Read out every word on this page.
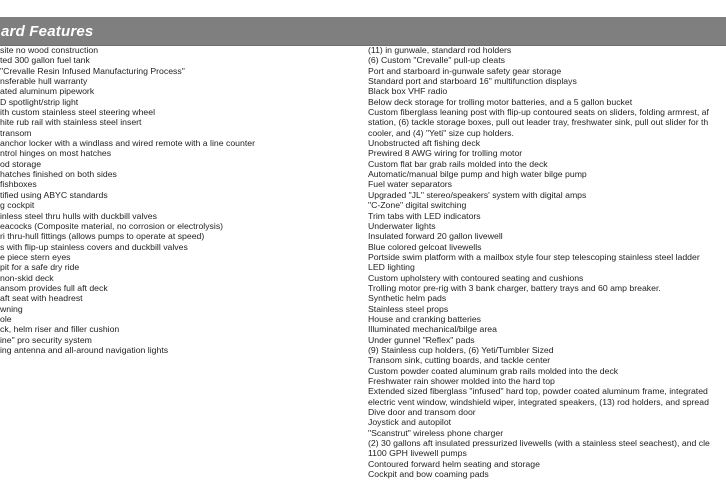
ard Features
site no wood construction
ted 300 gallon fuel tank
"Crevalle Resin Infused Manufacturing Process"
nsferable hull warranty
ated aluminum pipework
D spotlight/strip light
ith custom stainless steel steering wheel
hite rub rail with stainless steel insert
transom
anchor locker with a windlass and wired remote with a line counter
ntrol hinges on most hatches
od storage
hatches finished on both sides
fishboxes
tified using ABYC standards
g cockpit
inless steel thru hulls with duckbill valves
eacocks (Composite material, no corrosion or electrolysis)
ri thru-hull fittings (allows pumps to operate at speed)
s with flip-up stainless covers and duckbill valves
e piece stern eyes
pit for a safe dry ride
non-skid deck
ansom provides full aft deck
aft seat with headrest
wning
ole
ck, helm riser and filler cushion
ine" pro security system
ing antenna and all-around navigation lights
(11) in gunwale, standard rod holders
(6) Custom "Crevalle" pull-up cleats
Port and starboard in-gunwale safety gear storage
Standard port and starboard 16" multifunction displays
Black box VHF radio
Below deck storage for trolling motor batteries, and a 5 gallon bucket
Custom fiberglass leaning post with flip-up contoured seats on sliders, folding armrest, af
station, (6) tackle storage boxes, pull out leader tray, freshwater sink, pull out slider for th
cooler, and (4) "Yeti" size cup holders.
Unobstructed aft fishing deck
Prewired 8 AWG wiring for trolling motor
Custom flat bar grab rails molded into the deck
Automatic/manual bilge pump and high water bilge pump
Fuel water separators
Upgraded "JL" stereo/speakers' system with digital amps
"C-Zone" digital switching
Trim tabs with LED indicators
Underwater lights
Insulated forward 20 gallon livewell
Blue colored gelcoat livewells
Portside swim platform with a mailbox style four step telescoping stainless steel ladder
LED lighting
Custom upholstery with contoured seating and cushions
Trolling motor pre-rig with 3 bank charger, battery trays and 60 amp breaker.
Synthetic helm pads
Stainless steel props
House and cranking batteries
Illuminated mechanical/bilge area
Under gunnel "Reflex" pads
(9) Stainless cup holders, (6) Yeti/Tumbler Sized
Transom sink, cutting boards, and tackle center
Custom powder coated aluminum grab rails molded into the deck
Freshwater rain shower molded into the hard top
Extended sized fiberglass "infused" hard top, powder coated aluminum frame, integrated
electric vent window, windshield wiper, integrated speakers, (13) rod holders, and spread
Dive door and transom door
Joystick and autopilot
"Scanstrut" wireless phone charger
(2) 30 gallons aft insulated pressurized livewells (with a stainless steel seachest), and cle
1100 GPH livewell pumps
Contoured forward helm seating and storage
Cockpit and bow coaming pads
